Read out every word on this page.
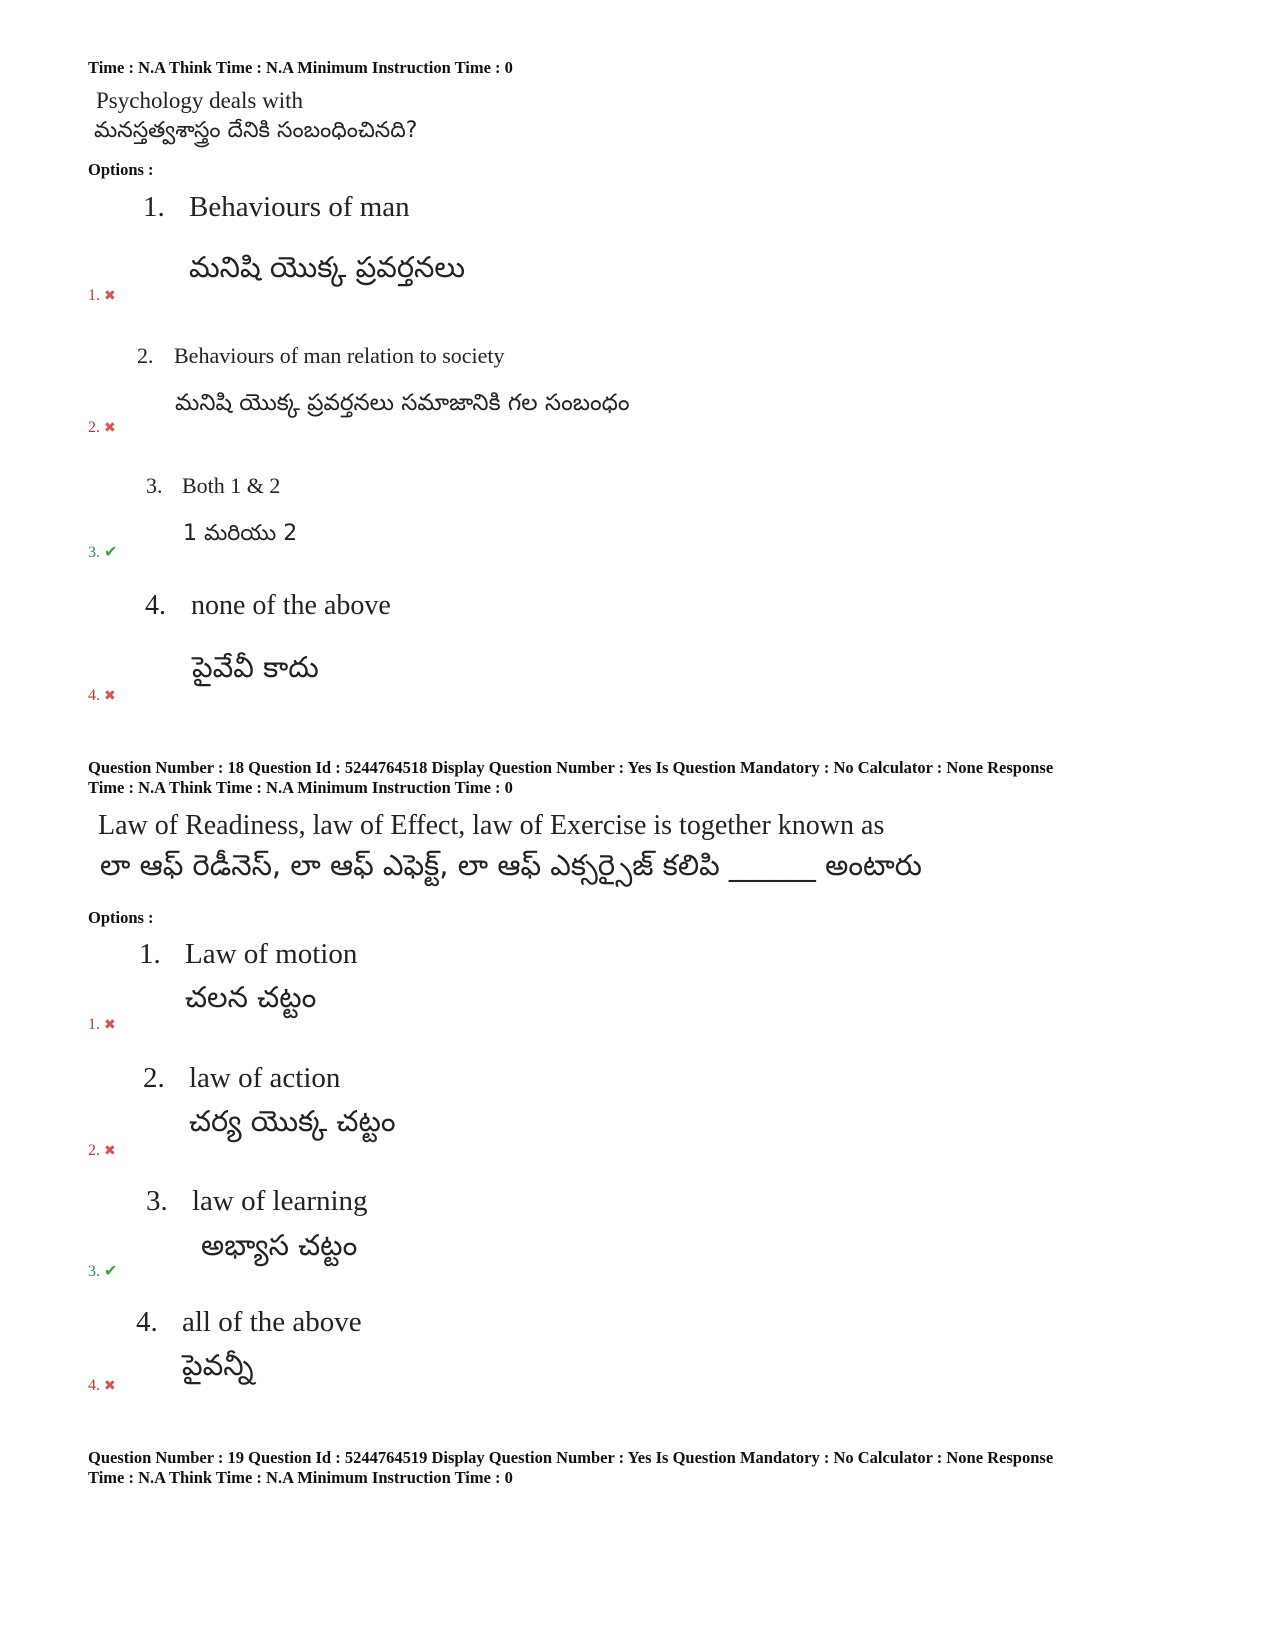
Time : N.A Think Time : N.A Minimum Instruction Time : 0
Psychology deals with
మనస్తత్వశాస్త్రం దేనికి సంబంధించినది?
Options :
1. Behaviours of man
మనిషి యొక్క ప్రవర్తనలు
1. ✖
2. Behaviours of man relation to society
మనిషి యొక్క ప్రవర్తనలు సమాజానికి గల సంబంధం
2. ✖
3. Both 1 & 2
1 మరియు 2
3. ✔
4. none of the above
పైవేవీ కాదు
4. ✖
Question Number : 18 Question Id : 5244764518 Display Question Number : Yes Is Question Mandatory : No Calculator : None Response
Time : N.A Think Time : N.A Minimum Instruction Time : 0
Law of Readiness, law of Effect, law of Exercise is together known as
లా ఆఫ్ రెడీనెస్, లా ఆఫ్ ఎఫెక్ట్, లా ఆఫ్ ఎక్సర్సైజ్ కలిపి ______ అంటారు
Options :
1. Law of motion
చలన చట్టం
1. ✖
2. law of action
చర్య యొక్క చట్టం
2. ✖
3. law of learning
అభ్యాస చట్టం
3. ✔
4. all of the above
పైవన్నీ
4. ✖
Question Number : 19 Question Id : 5244764519 Display Question Number : Yes Is Question Mandatory : No Calculator : None Response
Time : N.A Think Time : N.A Minimum Instruction Time : 0
